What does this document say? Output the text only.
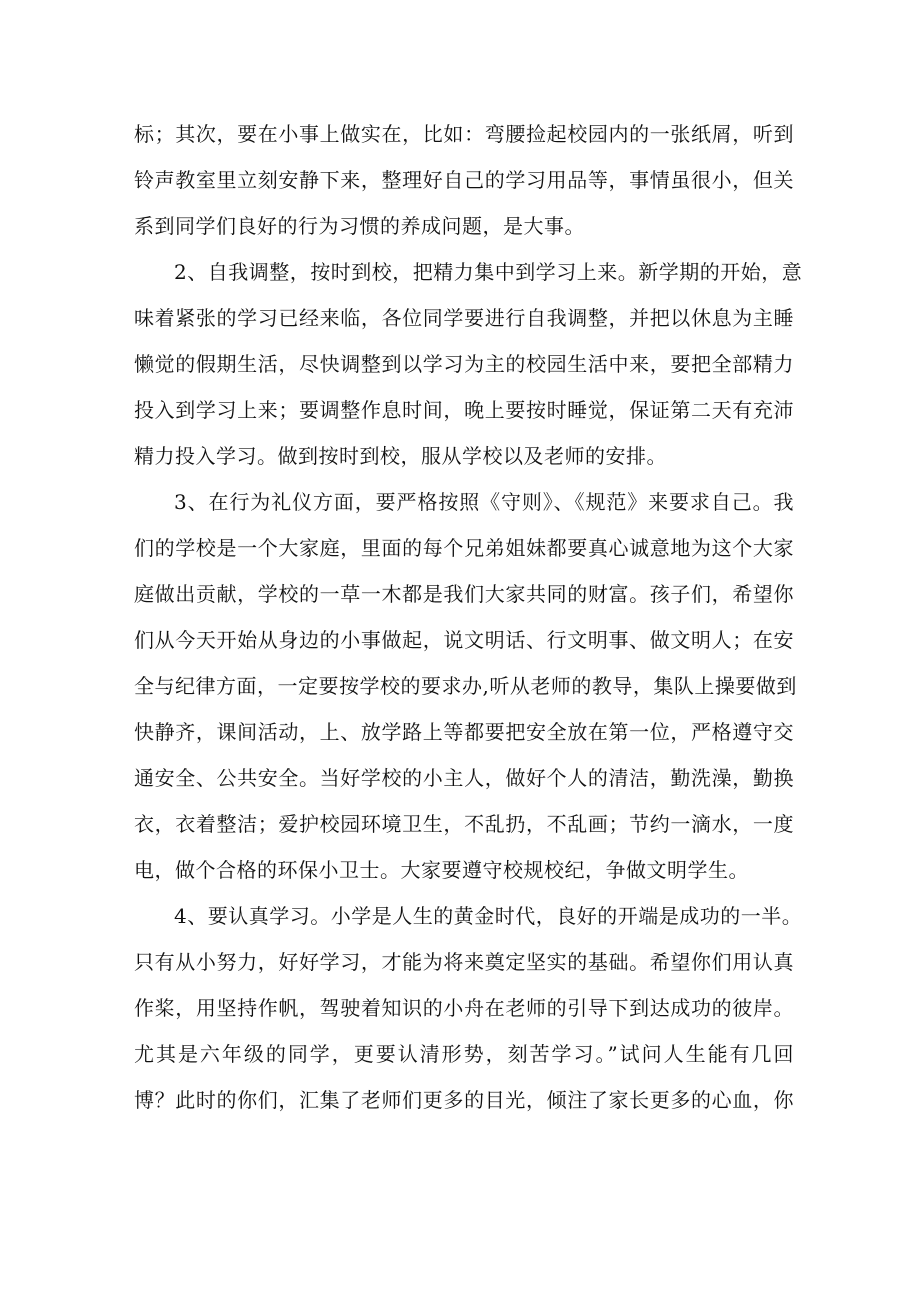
标；其次，要在小事上做实在，比如：弯腰捡起校园内的一张纸屑，听到
铃声教室里立刻安静下来，整理好自己的学习用品等，事情虽很小，但关
系到同学们良好的行为习惯的养成问题，是大事。
2、自我调整，按时到校，把精力集中到学习上来。新学期的开始，意
味着紧张的学习已经来临，各位同学要进行自我调整，并把以休息为主睡
懒觉的假期生活，尽快调整到以学习为主的校园生活中来，要把全部精力
投入到学习上来；要调整作息时间，晚上要按时睡觉，保证第二天有充沛
精力投入学习。做到按时到校，服从学校以及老师的安排。
3、在行为礼仪方面，要严格按照《守则》、《规范》来要求自己。我
们的学校是一个大家庭，里面的每个兄弟姐妹都要真心诚意地为这个大家
庭做出贡献，学校的一草一木都是我们大家共同的财富。孩子们，希望你
们从今天开始从身边的小事做起，说文明话、行文明事、做文明人；在安
全与纪律方面，一定要按学校的要求办,听从老师的教导，集队上操要做到
快静齐，课间活动，上、放学路上等都要把安全放在第一位，严格遵守交
通安全、公共安全。当好学校的小主人，做好个人的清洁，勤洗澡，勤换
衣，衣着整洁；爱护校园环境卫生，不乱扔，不乱画；节约一滴水，一度
电，做个合格的环保小卫士。大家要遵守校规校纪，争做文明学生。
4、要认真学习。小学是人生的黄金时代，良好的开端是成功的一半。
只有从小努力，好好学习，才能为将来奠定坚实的基础。希望你们用认真
作桨，用坚持作帆，驾驶着知识的小舟在老师的引导下到达成功的彼岸。
尤其是六年级的同学，更要认清形势，刻苦学习。”试问人生能有几回
博？此时的你们，汇集了老师们更多的目光，倾注了家长更多的心血，你
